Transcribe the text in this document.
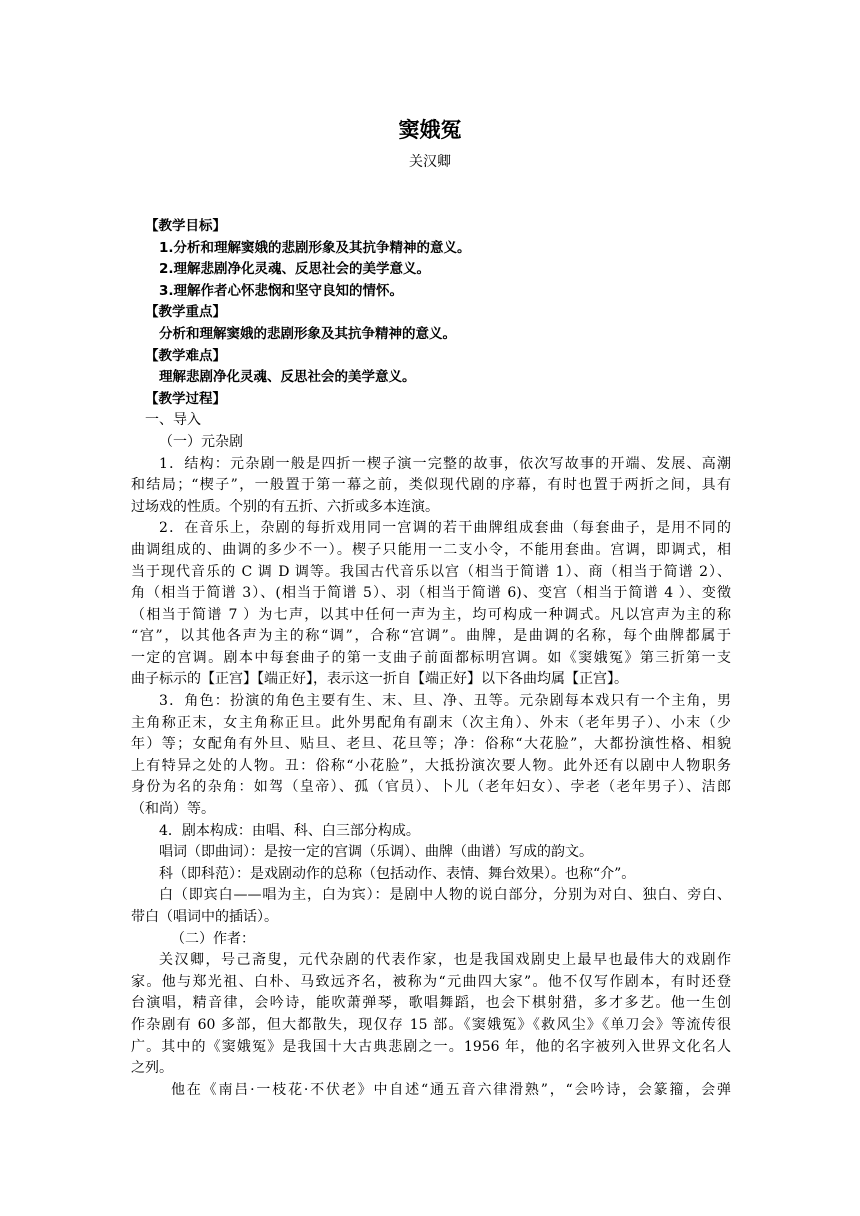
窦娥冤
关汉卿
【教学目标】
1.分析和理解窦娥的悲剧形象及其抗争精神的意义。
2.理解悲剧净化灵魂、反思社会的美学意义。
3.理解作者心怀悲悯和坚守良知的情怀。
【教学重点】
分析和理解窦娥的悲剧形象及其抗争精神的意义。
【教学难点】
理解悲剧净化灵魂、反思社会的美学意义。
【教学过程】
一、导入
（一）元杂剧
1．结构：元杂剧一般是四折一楔子演一完整的故事，依次写故事的开端、发展、高潮
和结局；“楔子”，一般置于第一幕之前，类似现代剧的序幕，有时也置于两折之间，具有
过场戏的性质。个别的有五折、六折或多本连演。
2．在音乐上，杂剧的每折戏用同一宫调的若干曲牌组成套曲（每套曲子，是用不同的
曲调组成的、曲调的多少不一）。楔子只能用一二支小令，不能用套曲。宫调，即调式，相
当于现代音乐的 C 调 D 调等。我国古代音乐以宫（相当于简谱 1）、商（相当于简谱 2）、
角（相当于简谱 3）、(相当于简谱 5）、羽（相当于简谱 6)、变宫（相当于简谱 4 ）、变徵
（相当于简谱 7 ）为七声，以其中任何一声为主，均可构成一种调式。凡以宫声为主的称
“宫”，以其他各声为主的称“调”，合称“宫调”。曲牌，是曲调的名称，每个曲牌都属于
一定的宫调。剧本中每套曲子的第一支曲子前面都标明宫调。如《窦娥冤》第三折第一支
曲子标示的【正宫】【端正好】，表示这一折自【端正好】以下各曲均属【正宫】。
3．角色：扮演的角色主要有生、末、旦、净、丑等。元杂剧每本戏只有一个主角，男
主角称正末，女主角称正旦。此外男配角有副末（次主角）、外末（老年男子）、小末（少
年）等；女配角有外旦、贴旦、老旦、花旦等；净：俗称“大花脸”，大都扮演性格、相貌
上有特异之处的人物。丑：俗称“小花脸”，大抵扮演次要人物。此外还有以剧中人物职务
身份为名的杂角：如驾（皇帝）、孤（官员）、卜儿（老年妇女）、孛老（老年男子）、洁郎
（和尚）等。
4．剧本构成：由唱、科、白三部分构成。
唱词（即曲词）：是按一定的宫调（乐调）、曲牌（曲谱）写成的韵文。
科（即科范）：是戏剧动作的总称（包括动作、表情、舞台效果）。也称“介”。
白（即宾白——唱为主，白为宾）：是剧中人物的说白部分，分别为对白、独白、旁白、
带白（唱词中的插话）。
（二）作者：
关汉卿，号己斋叟，元代杂剧的代表作家，也是我国戏剧史上最早也最伟大的戏剧作
家。他与郑光祖、白朴、马致远齐名，被称为“元曲四大家”。他不仅写作剧本，有时还登
台演唱，精音律，会吟诗，能吹萧弹琴，歌唱舞蹈，也会下棋射猎，多才多艺。他一生创
作杂剧有 60 多部，但大都散失，现仅存 15 部。《窦娥冤》《救风尘》《单刀会》等流传很
广。其中的《窦娥冤》是我国十大古典悲剧之一。1956 年，他的名字被列入世界文化名人
之列。
他在《南吕·一枝花·不伏老》中自述“通五音六律滑熟”，“会吟诗，会篆籀，会弹
